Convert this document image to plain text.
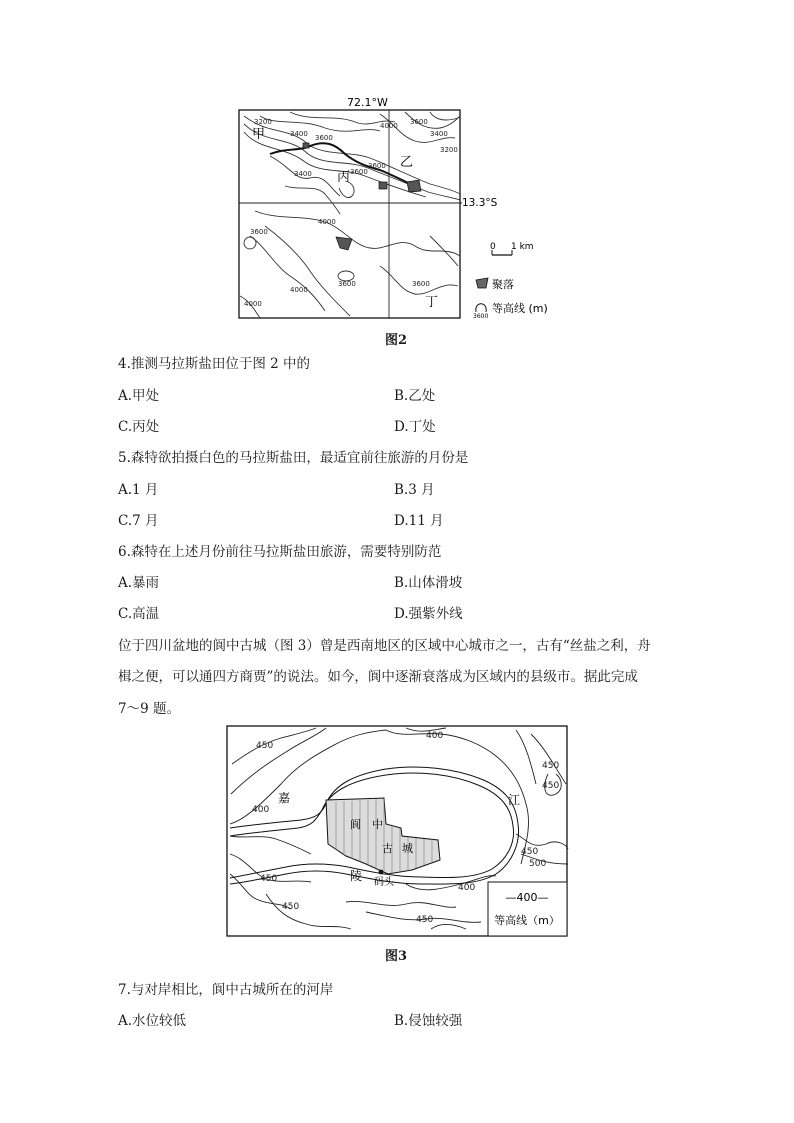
72.1°W
13.3°S
甲
乙
丙
丁
3200
3400 3600
4000 3600
3400
3200
3600
3400
3600
4000
3600
3600
4000
4000
3600
0 1 km
聚落
3600
等高线 (m)
图2
4.推测马拉斯盐田位于图 2 中的
A.甲处	B.乙处
C.丙处	D.丁处
5.森特欲拍摄白色的马拉斯盐田，最适宜前往旅游的月份是
A.1 月	B.3 月
C.7 月	D.11 月
6.森特在上述月份前往马拉斯盐田旅游，需要特别防范
A.暴雨	B.山体滑坡
C.高温	D.强紫外线
位于四川盆地的阆中古城（图 3）曾是西南地区的区域中心城市之一，古有“丝盐之利，舟
楫之便，可以通四方商贾”的说法。如今，阆中逐渐衰落成为区域内的县级市。据此完成
7～9 题。
阆 中
古 城
嘉
陵
江
码头
450
400
400
450
450
450
500
450
450
400
450
—400—
等高线（m）
图3
7.与对岸相比，阆中古城所在的河岸
A.水位较低	B.侵蚀较强
